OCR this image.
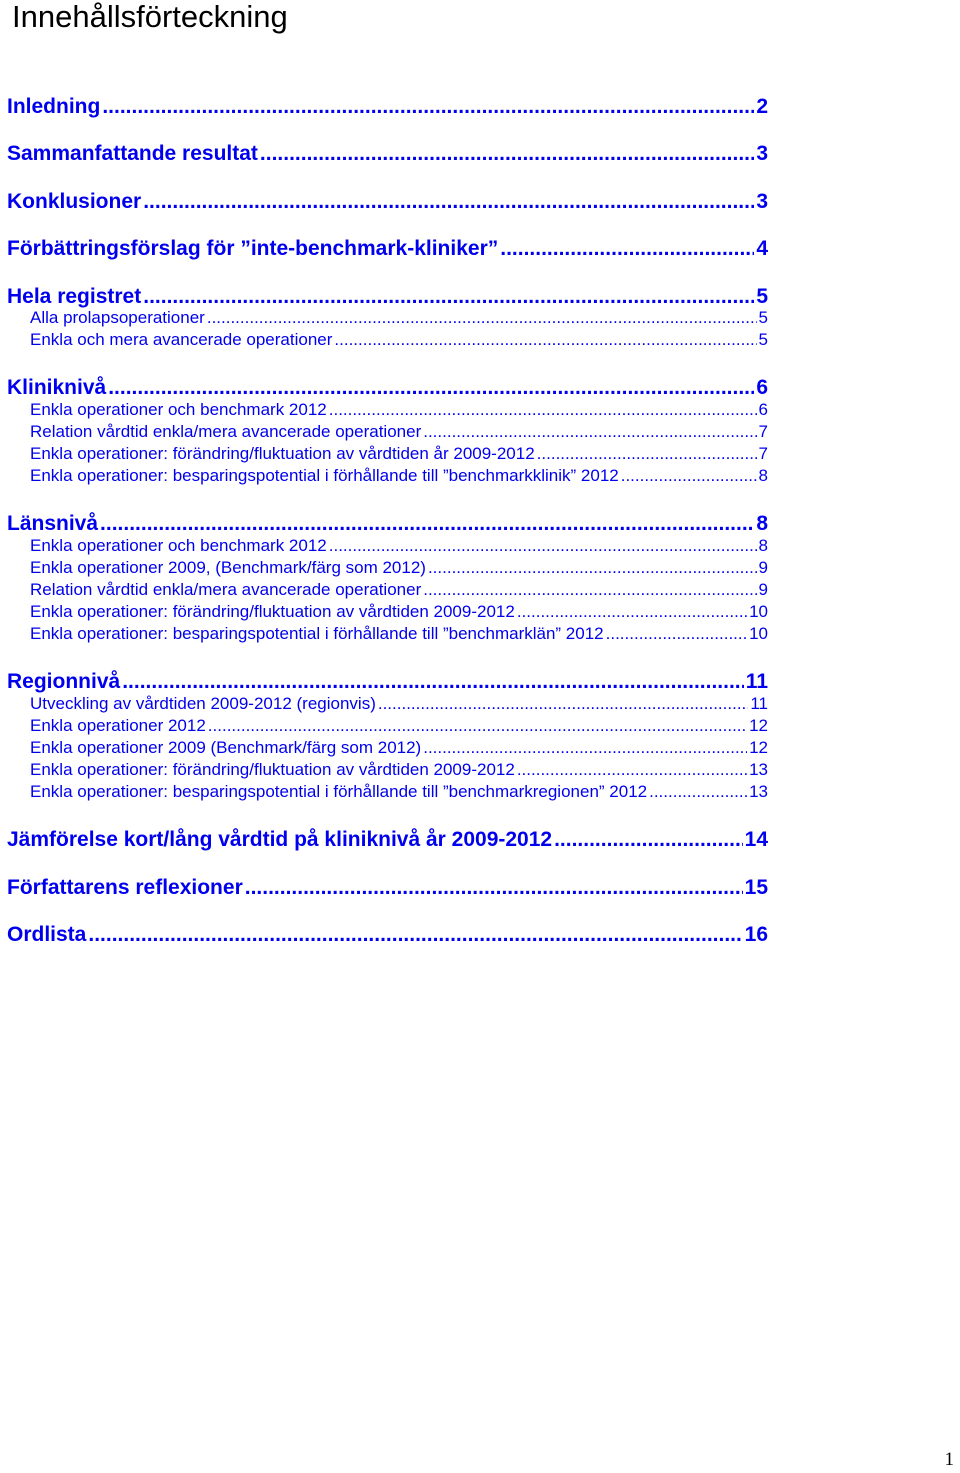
Innehållsförteckning
Inledning .....	2
Sammanfattande resultat .....	3
Konklusioner .....	3
Förbättringsförslag för ”inte-benchmark-kliniker” .....	4
Hela registret .....	5
Alla prolapsoperationer .....	5
Enkla och mera avancerade operationer .....	5
Kliniknivå .....	6
Enkla operationer och benchmark 2012 .....	6
Relation vårdtid enkla/mera avancerade operationer .....	7
Enkla operationer: förändring/fluktuation av vårdtiden år 2009-2012 .....	7
Enkla operationer: besparingspotential i förhållande till ”benchmarkklinik” 2012 .....	8
Länsnivå .....	8
Enkla operationer och benchmark 2012 .....	8
Enkla operationer 2009, (Benchmark/färg som 2012) .....	9
Relation vårdtid enkla/mera avancerade operationer .....	9
Enkla operationer: förändring/fluktuation av vårdtiden 2009-2012 .....	10
Enkla operationer: besparingspotential i förhållande till ”benchmarklän” 2012 .....	10
Regionnivå .....	11
Utveckling av vårdtiden 2009-2012 (regionvis) .....	11
Enkla operationer 2012 .....	12
Enkla operationer 2009 (Benchmark/färg som 2012) .....	12
Enkla operationer: förändring/fluktuation av vårdtiden 2009-2012 .....	13
Enkla operationer: besparingspotential i förhållande till ”benchmarkregionen” 2012 .....	13
Jämförelse kort/lång vårdtid på kliniknivå år 2009-2012 .....	14
Författarens reflexioner .....	15
Ordlista .....	16
1
